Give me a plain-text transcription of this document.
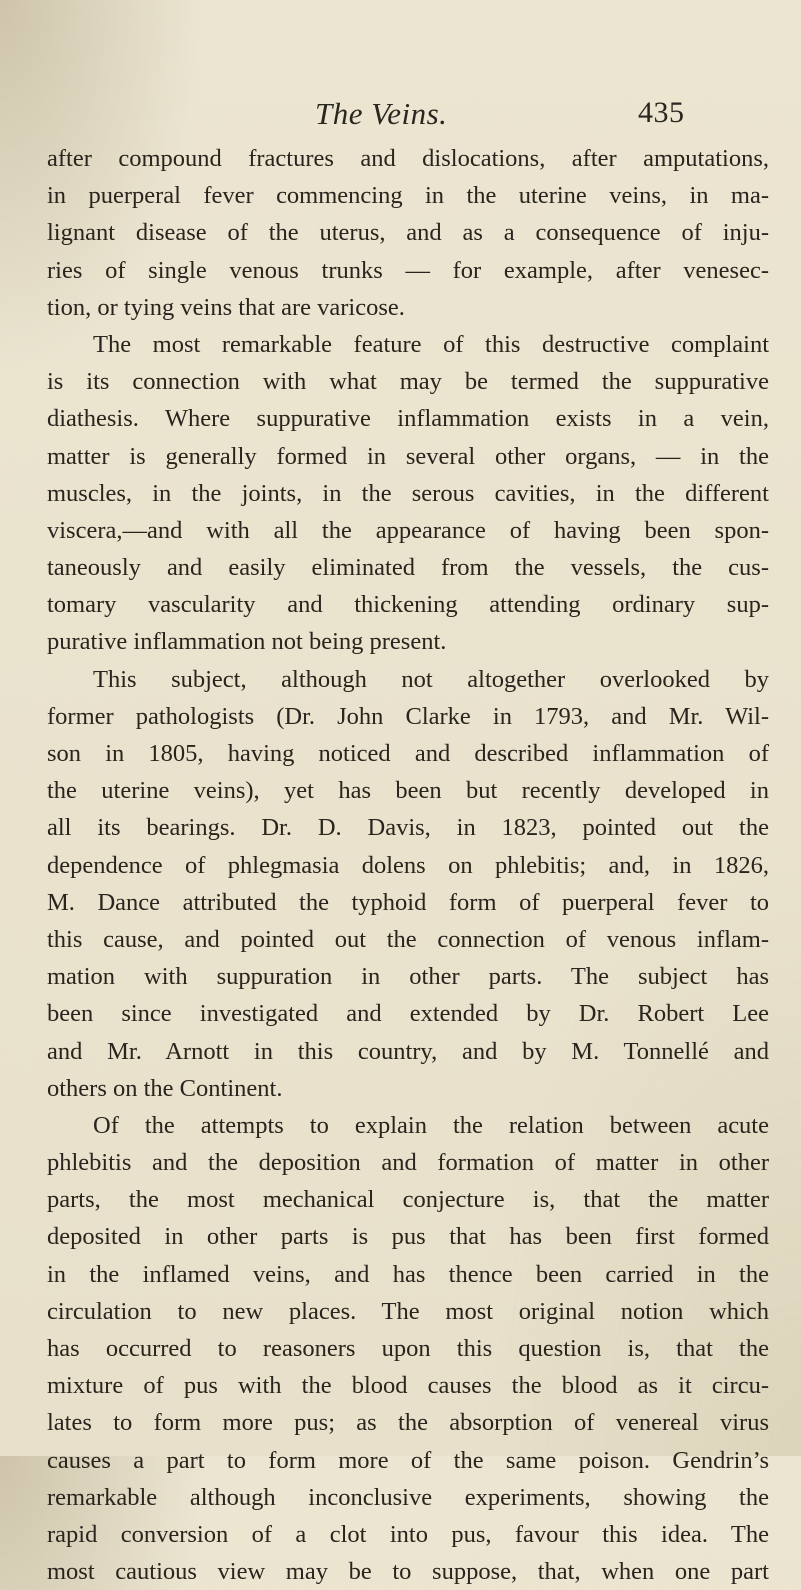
The Veins.	435
after compound fractures and dislocations, after amputations,
in puerperal fever commencing in the uterine veins, in ma-
lignant disease of the uterus, and as a consequence of inju-
ries of single venous trunks — for example, after venesec-
tion, or tying veins that are varicose.
The most remarkable feature of this destructive complaint
is its connection with what may be termed the suppurative
diathesis. Where suppurative inflammation exists in a vein,
matter is generally formed in several other organs, — in the
muscles, in the joints, in the serous cavities, in the different
viscera,—and with all the appearance of having been spon-
taneously and easily eliminated from the vessels, the cus-
tomary vascularity and thickening attending ordinary sup-
purative inflammation not being present.
This subject, although not altogether overlooked by
former pathologists (Dr. John Clarke in 1793, and Mr. Wil-
son in 1805, having noticed and described inflammation of
the uterine veins), yet has been but recently developed in
all its bearings. Dr. D. Davis, in 1823, pointed out the
dependence of phlegmasia dolens on phlebitis; and, in 1826,
M. Dance attributed the typhoid form of puerperal fever to
this cause, and pointed out the connection of venous inflam-
mation with suppuration in other parts. The subject has
been since investigated and extended by Dr. Robert Lee
and Mr. Arnott in this country, and by M. Tonnellé and
others on the Continent.
Of the attempts to explain the relation between acute
phlebitis and the deposition and formation of matter in other
parts, the most mechanical conjecture is, that the matter
deposited in other parts is pus that has been first formed
in the inflamed veins, and has thence been carried in the
circulation to new places. The most original notion which
has occurred to reasoners upon this question is, that the
mixture of pus with the blood causes the blood as it circu-
lates to form more pus; as the absorption of venereal virus
causes a part to form more of the same poison. Gendrin’s
remarkable although inconclusive experiments, showing the
rapid conversion of a clot into pus, favour this idea. The
most cautious view may be to suppose, that, when one part
